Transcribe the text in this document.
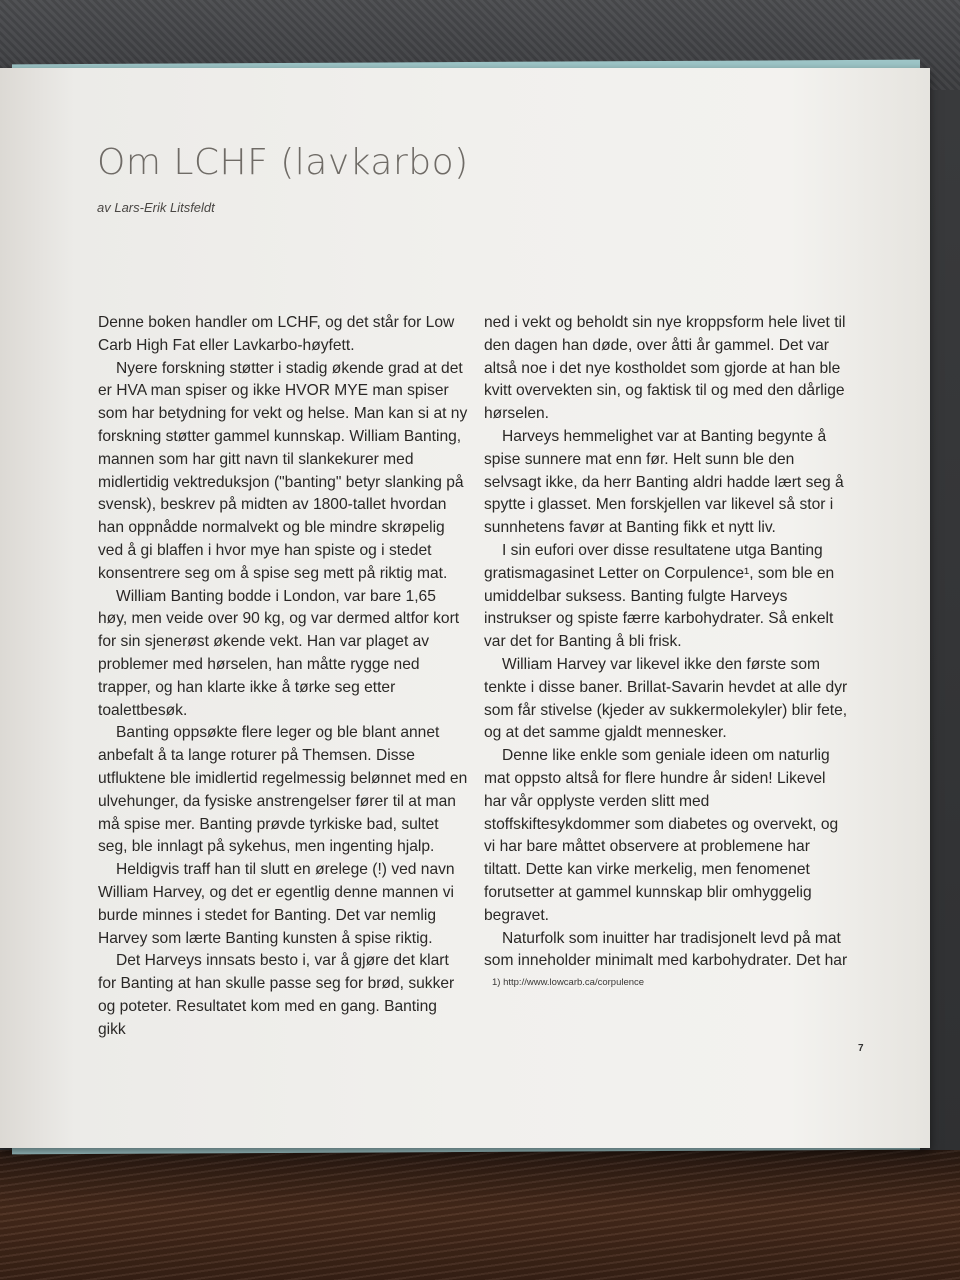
Om LCHF (lavkarbo)
av Lars-Erik Litsfeldt

Denne boken handler om LCHF, og det står for Low Carb High Fat eller Lavkarbo-høyfett.

Nyere forskning støtter i stadig økende grad at det er HVA man spiser og ikke HVOR MYE man spiser som har betydning for vekt og helse. Man kan si at ny forskning støtter gammel kunnskap. William Banting, mannen som har gitt navn til slankekurer med midlertidig vektreduksjon ("banting" betyr slanking på svensk), beskrev på midten av 1800-tallet hvordan han oppnådde normalvekt og ble mindre skrøpelig ved å gi blaffen i hvor mye han spiste og i stedet konsentrere seg om å spise seg mett på riktig mat.

William Banting bodde i London, var bare 1,65 høy, men veide over 90 kg, og var dermed altfor kort for sin sjenerøst økende vekt. Han var plaget av problemer med hørselen, han måtte rygge ned trapper, og han klarte ikke å tørke seg etter toalettbesøk.

Banting oppsøkte flere leger og ble blant annet anbefalt å ta lange roturer på Themsen. Disse utfluktene ble imidlertid regelmessig belønnet med en ulvehunger, da fysiske anstrengelser fører til at man må spise mer. Banting prøvde tyrkiske bad, sultet seg, ble innlagt på sykehus, men ingenting hjalp.

Heldigvis traff han til slutt en ørelege (!) ved navn William Harvey, og det er egentlig denne mannen vi burde minnes i stedet for Banting. Det var nemlig Harvey som lærte Banting kunsten å spise riktig.

Det Harveys innsats besto i, var å gjøre det klart for Banting at han skulle passe seg for brød, sukker og poteter. Resultatet kom med en gang. Banting gikk

ned i vekt og beholdt sin nye kroppsform hele livet til den dagen han døde, over åtti år gammel. Det var altså noe i det nye kostholdet som gjorde at han ble kvitt overvekten sin, og faktisk til og med den dårlige hørselen.

Harveys hemmelighet var at Banting begynte å spise sunnere mat enn før. Helt sunn ble den selvsagt ikke, da herr Banting aldri hadde lært seg å spytte i glasset. Men forskjellen var likevel så stor i sunnhetens favør at Banting fikk et nytt liv.

I sin eufori over disse resultatene utga Banting gratismagasinet Letter on Corpulence¹, som ble en umiddelbar suksess. Banting fulgte Harveys instrukser og spiste færre karbohydrater. Så enkelt var det for Banting å bli frisk.

William Harvey var likevel ikke den første som tenkte i disse baner. Brillat-Savarin hevdet at alle dyr som får stivelse (kjeder av sukkermolekyler) blir fete, og at det samme gjaldt mennesker.

Denne like enkle som geniale ideen om naturlig mat oppsto altså for flere hundre år siden! Likevel har vår opplyste verden slitt med stoffskiftesykdommer som diabetes og overvekt, og vi har bare måttet observere at problemene har tiltatt. Dette kan virke merkelig, men fenomenet forutsetter at gammel kunnskap blir omhyggelig begravet.

Naturfolk som inuitter har tradisjonelt levd på mat som inneholder minimalt med karbohydrater. Det har

1) http://www.lowcarb.ca/corpulence
7
